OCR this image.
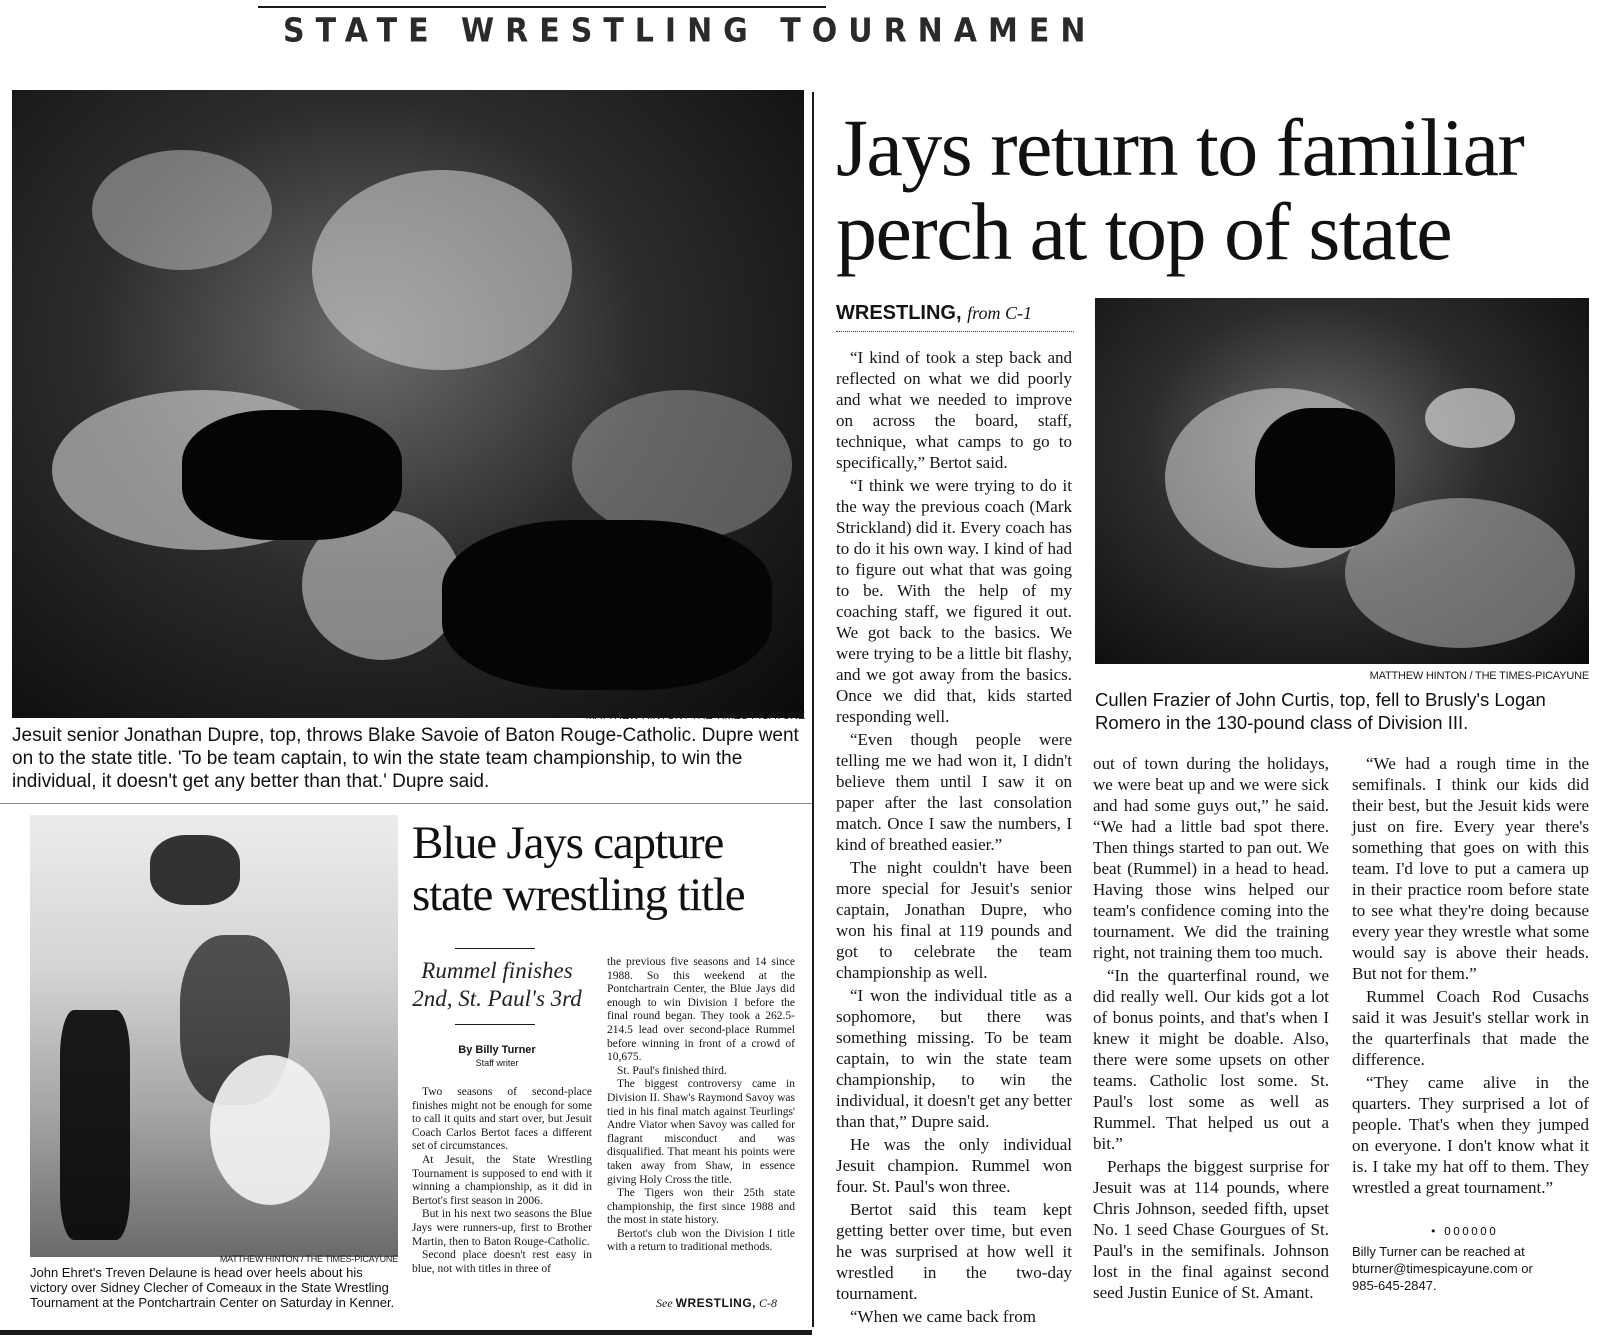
STATE WRESTLING TOURNAMEN
MATTHEW HINTON / THE TIMES-PICAYUNE
Jesuit senior Jonathan Dupre, top, throws Blake Savoie of Baton Rouge-Catholic. Dupre went on to the state title. 'To be team captain, to win the state team championship, to win the individual, it doesn't get any better than that.' Dupre said.
MATTHEW HINTON / THE TIMES-PICAYUNE
John Ehret's Treven Delaune is head over heels about his victory over Sidney Clecher of Comeaux in the State Wrestling Tournament at the Pontchartrain Center on Saturday in Kenner.
Blue Jays capture
state wrestling title
Rummel finishes
2nd, St. Paul's 3rd
By Billy Turner
Staff writer

Two seasons of second-place finishes might not be enough for some to call it quits and start over, but Jesuit Coach Carlos Bertot faces a different set of circumstances.

At Jesuit, the State Wrestling Tournament is supposed to end with it winning a championship, as it did in Bertot's first season in 2006.

But in his next two seasons the Blue Jays were runners-up, first to Brother Martin, then to Baton Rouge-Catholic.

Second place doesn't rest easy in blue, not with titles in three of

the previous five seasons and 14 since 1988. So this weekend at the Pontchartrain Center, the Blue Jays did enough to win Division I before the final round began. They took a 262.5-214.5 lead over second-place Rummel before winning in front of a crowd of 10,675.

St. Paul's finished third.

The biggest controversy came in Division II. Shaw's Raymond Savoy was tied in his final match against Teurlings' Andre Viator when Savoy was called for flagrant misconduct and was disqualified. That meant his points were taken away from Shaw, in essence giving Holy Cross the title.

The Tigers won their 25th state championship, the first since 1988 and the most in state history.

Bertot's club won the Division I title with a return to traditional methods.

See WRESTLING, C-8
Jays return to familiar
perch at top of state
WRESTLING, from C-1
MATTHEW HINTON / THE TIMES-PICAYUNE
Cullen Frazier of John Curtis, top, fell to Brusly's Logan Romero in the 130-pound class of Division III.

“I kind of took a step back and reflected on what we did poorly and what we needed to improve on across the board, staff, technique, what camps to go to specifically,” Bertot said.

“I think we were trying to do it the way the previous coach (Mark Strickland) did it. Every coach has to do it his own way. I kind of had to figure out what that was going to be. With the help of my coaching staff, we figured it out. We got back to the basics. We were trying to be a little bit flashy, and we got away from the basics. Once we did that, kids started responding well.

“Even though people were telling me we had won it, I didn't believe them until I saw it on paper after the last consolation match. Once I saw the numbers, I kind of breathed easier.”

The night couldn't have been more special for Jesuit's senior captain, Jonathan Dupre, who won his final at 119 pounds and got to celebrate the team championship as well.

“I won the individual title as a sophomore, but there was something missing. To be team captain, to win the state team championship, to win the individual, it doesn't get any better than that,” Dupre said.

He was the only individual Jesuit champion. Rummel won four. St. Paul's won three.

Bertot said this team kept getting better over time, but even he was surprised at how well it wrestled in the two-day tournament.

“When we came back from

out of town during the holidays, we were beat up and we were sick and had some guys out,” he said. “We had a little bad spot there. Then things started to pan out. We beat (Rummel) in a head to head. Having those wins helped our team's confidence coming into the tournament. We did the training right, not training them too much.

“In the quarterfinal round, we did really well. Our kids got a lot of bonus points, and that's when I knew it might be doable. Also, there were some upsets on other teams. Catholic lost some. St. Paul's lost some as well as Rummel. That helped us out a bit.”

Perhaps the biggest surprise for Jesuit was at 114 pounds, where Chris Johnson, seeded fifth, upset No. 1 seed Chase Gourgues of St. Paul's in the semifinals. Johnson lost in the final against second seed Justin Eunice of St. Amant.

“We had a rough time in the semifinals. I think our kids did their best, but the Jesuit kids were just on fire. Every year there's something that goes on with this team. I'd love to put a camera up in their practice room before state to see what they're doing because every year they wrestle what some would say is above their heads. But not for them.”

Rummel Coach Rod Cusachs said it was Jesuit's stellar work in the quarterfinals that made the difference.

“They came alive in the quarters. They surprised a lot of people. That's when they jumped on everyone. I don't know what it is. I take my hat off to them. They wrestled a great tournament.”

• 000000
Billy Turner can be reached at
bturner@timespicayune.com or
985-645-2847.
